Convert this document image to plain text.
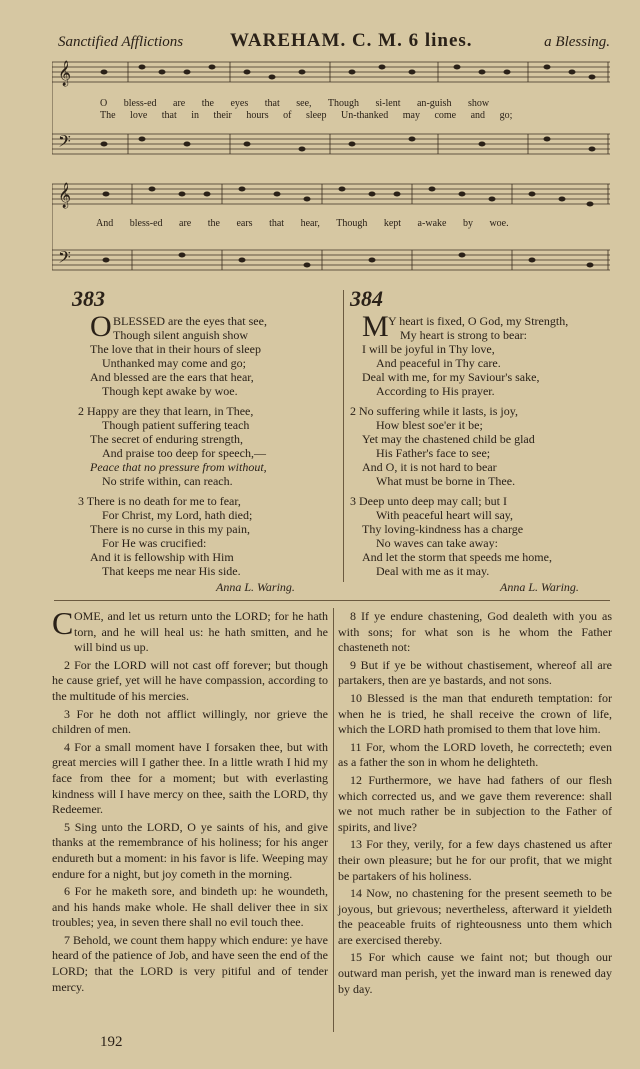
Sanctified Afflictions WAREHAM. C. M. 6 lines.	a Blessing.
𝄞
𝄢
O bless-ed are the eyes that see, Though si-lent an-guish show
The love that in their hours of sleep Un-thanked may come and go;
𝄞
𝄢
And bless-ed are the ears that hear, Though kept a-wake by woe.
383
O BLESSED are the eyes that see,
Though silent anguish show
The love that in their hours of sleep
Unthanked may come and go;
And blessed are the ears that hear,
Though kept awake by woe.
2 Happy are they that learn, in Thee,
Though patient suffering teach
The secret of enduring strength,
And praise too deep for speech,—
Peace that no pressure from without,
No strife within, can reach.
3 There is no death for me to fear,
For Christ, my Lord, hath died;
There is no curse in this my pain,
For He was crucified:
And it is fellowship with Him
That keeps me near His side.
Anna L. Waring.
384
M Y heart is fixed, O God, my Strength,
My heart is strong to bear:
I will be joyful in Thy love,
And peaceful in Thy care.
Deal with me, for my Saviour's sake,
According to His prayer.
2 No suffering while it lasts, is joy,
How blest soe'er it be;
Yet may the chastened child be glad
His Father's face to see;
And O, it is not hard to bear
What must be borne in Thee.
3 Deep unto deep may call; but I
With peaceful heart will say,
Thy loving-kindness has a charge
No waves can take away:
And let the storm that speeds me home,
Deal with me as it may.
Anna L. Waring.
C OME, and let us return unto the LORD; for he hath torn, and he will heal us: he hath smitten, and he will bind us up.

2 For the LORD will not cast off forever; but though he cause grief, yet will he have compassion, according to the multitude of his mercies.

3 For he doth not afflict willingly, nor grieve the children of men.

4 For a small moment have I forsaken thee, but with great mercies will I gather thee. In a little wrath I hid my face from thee for a moment; but with everlasting kindness will I have mercy on thee, saith the LORD, thy Redeemer.

5 Sing unto the LORD, O ye saints of his, and give thanks at the remembrance of his holiness; for his anger endureth but a moment: in his favor is life. Weeping may endure for a night, but joy cometh in the morning.

6 For he maketh sore, and bindeth up: he woundeth, and his hands make whole. He shall deliver thee in six troubles; yea, in seven there shall no evil touch thee.

7 Behold, we count them happy which endure: ye have heard of the patience of Job, and have seen the end of the LORD; that the LORD is very pitiful and of tender mercy.

8 If ye endure chastening, God dealeth with you as with sons; for what son is he whom the Father chasteneth not:

9 But if ye be without chastisement, whereof all are partakers, then are ye bastards, and not sons.

10 Blessed is the man that endureth temptation: for when he is tried, he shall receive the crown of life, which the LORD hath promised to them that love him.

11 For, whom the LORD loveth, he correcteth; even as a father the son in whom he delighteth.

12 Furthermore, we have had fathers of our flesh which corrected us, and we gave them reverence: shall we not much rather be in subjection to the Father of spirits, and live?

13 For they, verily, for a few days chastened us after their own pleasure; but he for our profit, that we might be partakers of his holiness.

14 Now, no chastening for the present seemeth to be joyous, but grievous; nevertheless, afterward it yieldeth the peaceable fruits of righteousness unto them which are exercised thereby.

15 For which cause we faint not; but though our outward man perish, yet the inward man is renewed day by day.

192
